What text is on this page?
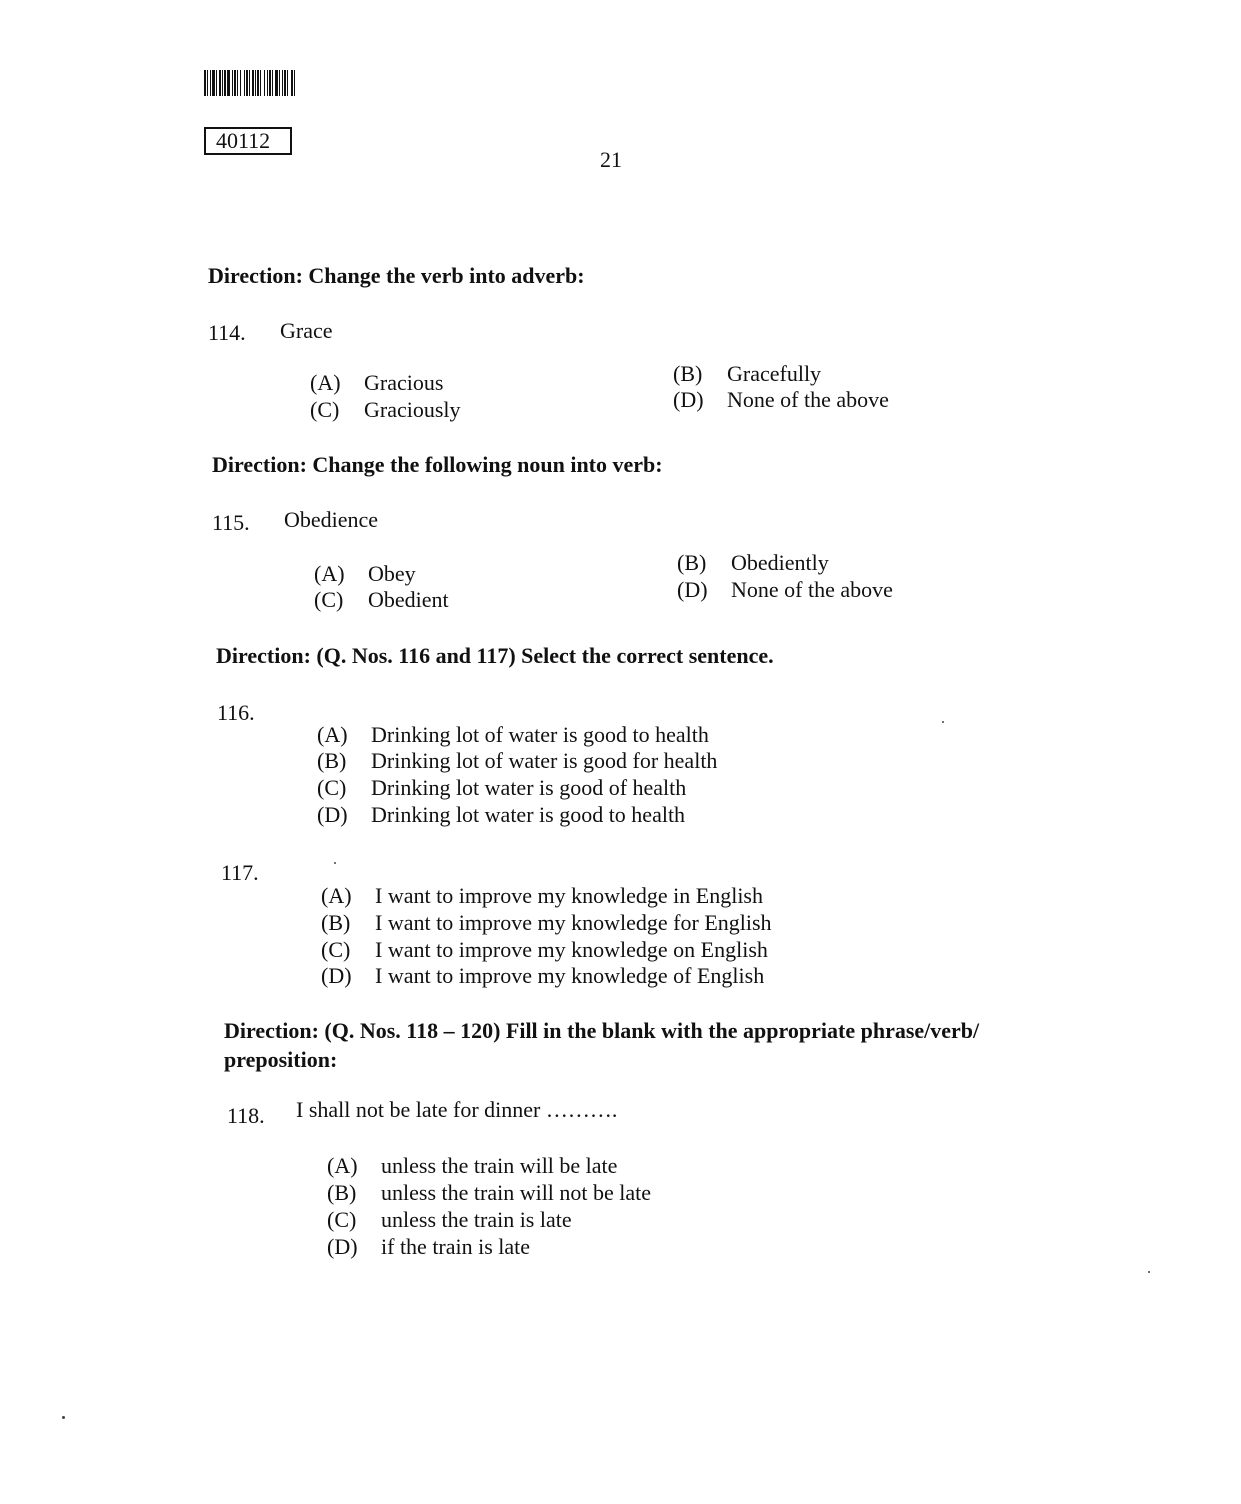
40112
21
Direction: Change the verb into adverb:
114. Grace
(A)	Gracious	(B)	Gracefully
(C)	Graciously	(D)	None of the above
Direction: Change the following noun into verb:
115. Obedience
(A)	Obey	(B)	Obediently
(C)	Obedient	(D)	None of the above
Direction: (Q. Nos. 116 and 117) Select the correct sentence.
116.
(A)	Drinking lot of water is good to health
(B)	Drinking lot of water is good for health
(C)	Drinking lot water is good of health
(D)	Drinking lot water is good to health
117.
(A)	I want to improve my knowledge in English
(B)	I want to improve my knowledge for English
(C)	I want to improve my knowledge on English
(D)	I want to improve my knowledge of English
Direction: (Q. Nos. 118 – 120) Fill in the blank with the appropriate phrase/verb/
preposition:
118. I shall not be late for dinner ……….
(A)	unless the train will be late
(B)	unless the train will not be late
(C)	unless the train is late
(D)	if the train is late
